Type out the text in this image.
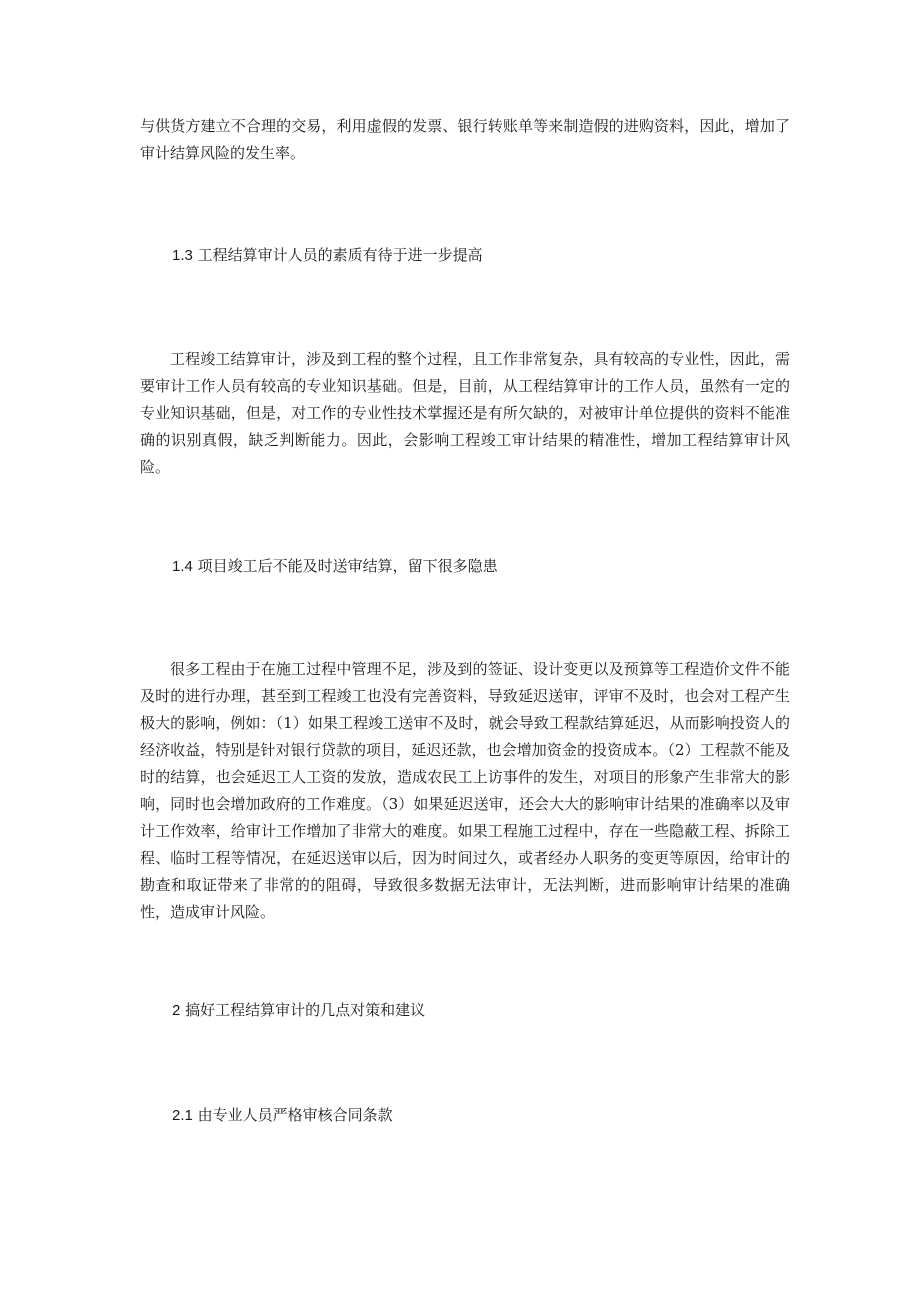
与供货方建立不合理的交易，利用虚假的发票、银行转账单等来制造假的进购资料，因此，增加了审计结算风险的发生率。

1.3 工程结算审计人员的素质有待于进一步提高

工程竣工结算审计，涉及到工程的整个过程，且工作非常复杂，具有较高的专业性，因此，需要审计工作人员有较高的专业知识基础。但是，目前，从工程结算审计的工作人员，虽然有一定的专业知识基础，但是，对工作的专业性技术掌握还是有所欠缺的，对被审计单位提供的资料不能准确的识别真假，缺乏判断能力。因此，会影响工程竣工审计结果的精准性，增加工程结算审计风险。

1.4 项目竣工后不能及时送审结算，留下很多隐患

很多工程由于在施工过程中管理不足，涉及到的签证、设计变更以及预算等工程造价文件不能及时的进行办理，甚至到工程竣工也没有完善资料，导致延迟送审，评审不及时，也会对工程产生极大的影响，例如：（1）如果工程竣工送审不及时，就会导致工程款结算延迟，从而影响投资人的经济收益，特别是针对银行贷款的项目，延迟还款，也会增加资金的投资成本。（2）工程款不能及时的结算，也会延迟工人工资的发放，造成农民工上访事件的发生，对项目的形象产生非常大的影响，同时也会增加政府的工作难度。（3）如果延迟送审，还会大大的影响审计结果的准确率以及审计工作效率，给审计工作增加了非常大的难度。如果工程施工过程中，存在一些隐蔽工程、拆除工程、临时工程等情况，在延迟送审以后，因为时间过久，或者经办人职务的变更等原因，给审计的勘查和取证带来了非常的的阻碍，导致很多数据无法审计，无法判断，进而影响审计结果的准确性，造成审计风险。

2 搞好工程结算审计的几点对策和建议

2.1 由专业人员严格审核合同条款
